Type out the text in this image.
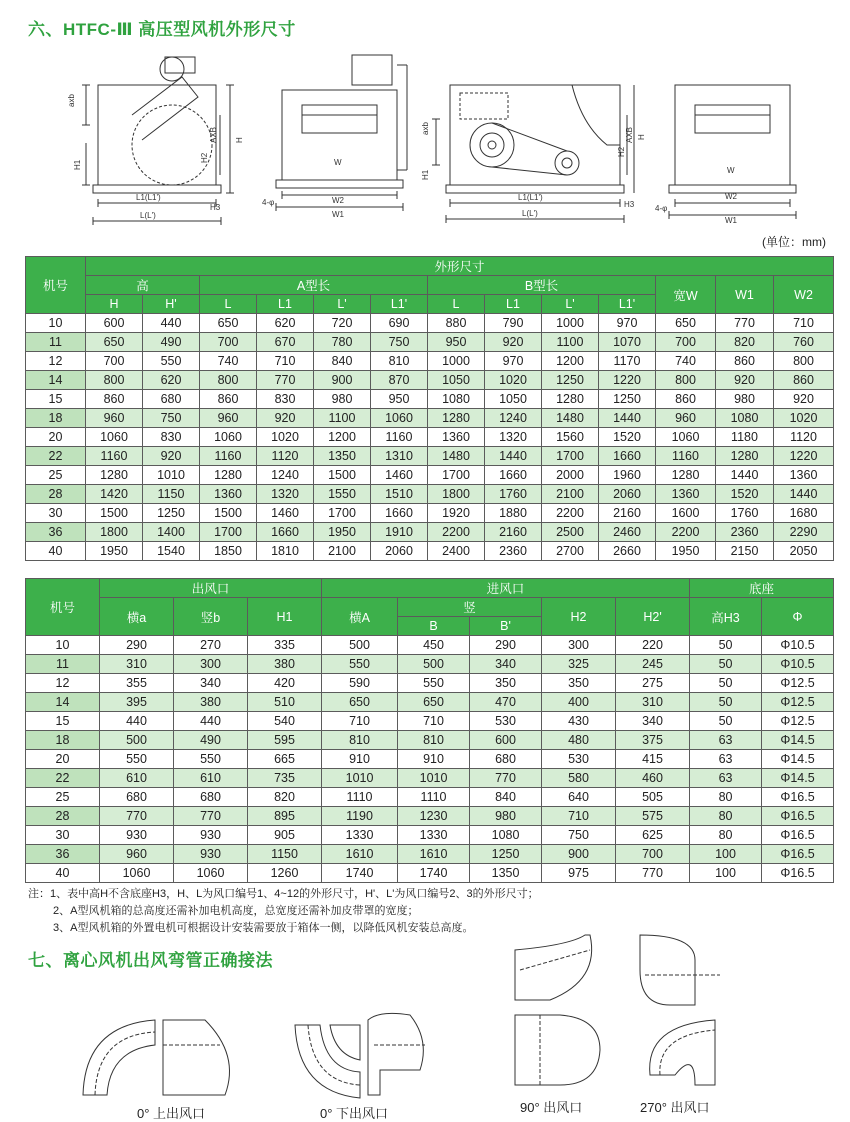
六、HTFC-Ⅲ 高压型风机外形尺寸
axb
H1
H2
AXB H
H3
L1(L1')
L(L')
W
W2
W1
4-φ
axb
H1
H2
AXB H
H3
L1(L1')
L(L')
W
W2
W1
4-φ
(单位：mm)
机号	外形尺寸												
	高		A型长				B型长				宽W	W1	W2
	H	H'	L	L1	L'	L1'	L	L1	L'	L1'			
10	600	440	650	620	720	690	880	790	1000	970	650	770	710
11	650	490	700	670	780	750	950	920	1100	1070	700	820	760
12	700	550	740	710	840	810	1000	970	1200	1170	740	860	800
14	800	620	800	770	900	870	1050	1020	1250	1220	800	920	860
15	860	680	860	830	980	950	1080	1050	1280	1250	860	980	920
18	960	750	960	920	1100	1060	1280	1240	1480	1440	960	1080	1020
20	1060	830	1060	1020	1200	1160	1360	1320	1560	1520	1060	1180	1120
22	1160	920	1160	1120	1350	1310	1480	1440	1700	1660	1160	1280	1220
25	1280	1010	1280	1240	1500	1460	1700	1660	2000	1960	1280	1440	1360
28	1420	1150	1360	1320	1550	1510	1800	1760	2100	2060	1360	1520	1440
30	1500	1250	1500	1460	1700	1660	1920	1880	2200	2160	1600	1760	1680
36	1800	1400	1700	1660	1950	1910	2200	2160	2500	2460	2200	2360	2290
40	1950	1540	1850	1810	2100	2060	2400	2360	2700	2660	1950	2150	2050
机号	出风口			进风口					底座	
	横a	竖b	H1	横A	竖		H2	H2'	高H3	Φ
					B	B'				
10	290	270	335	500	450	290	300	220	50	Φ10.5
11	310	300	380	550	500	340	325	245	50	Φ10.5
12	355	340	420	590	550	350	350	275	50	Φ12.5
14	395	380	510	650	650	470	400	310	50	Φ12.5
15	440	440	540	710	710	530	430	340	50	Φ12.5
18	500	490	595	810	810	600	480	375	63	Φ14.5
20	550	550	665	910	910	680	530	415	63	Φ14.5
22	610	610	735	1010	1010	770	580	460	63	Φ14.5
25	680	680	820	1110	1110	840	640	505	80	Φ16.5
28	770	770	895	1190	1230	980	710	575	80	Φ16.5
30	930	930	905	1330	1330	1080	750	625	80	Φ16.5
36	960	930	1150	1610	1610	1250	900	700	100	Φ16.5
40	1060	1060	1260	1740	1740	1350	975	770	100	Φ16.5
注：1、表中高H不含底座H3，H、L为风口编号1、4~12的外形尺寸，H'、L'为风口编号2、3的外形尺寸；
2、A型风机箱的总高度还需补加电机高度，总宽度还需补加皮带罩的宽度；
3、A型风机箱的外置电机可根据设计安装需要放于箱体一侧，以降低风机安装总高度。
七、离心风机出风弯管正确接法
0° 上出风口	0° 下出风口	90° 出风口	270° 出风口
